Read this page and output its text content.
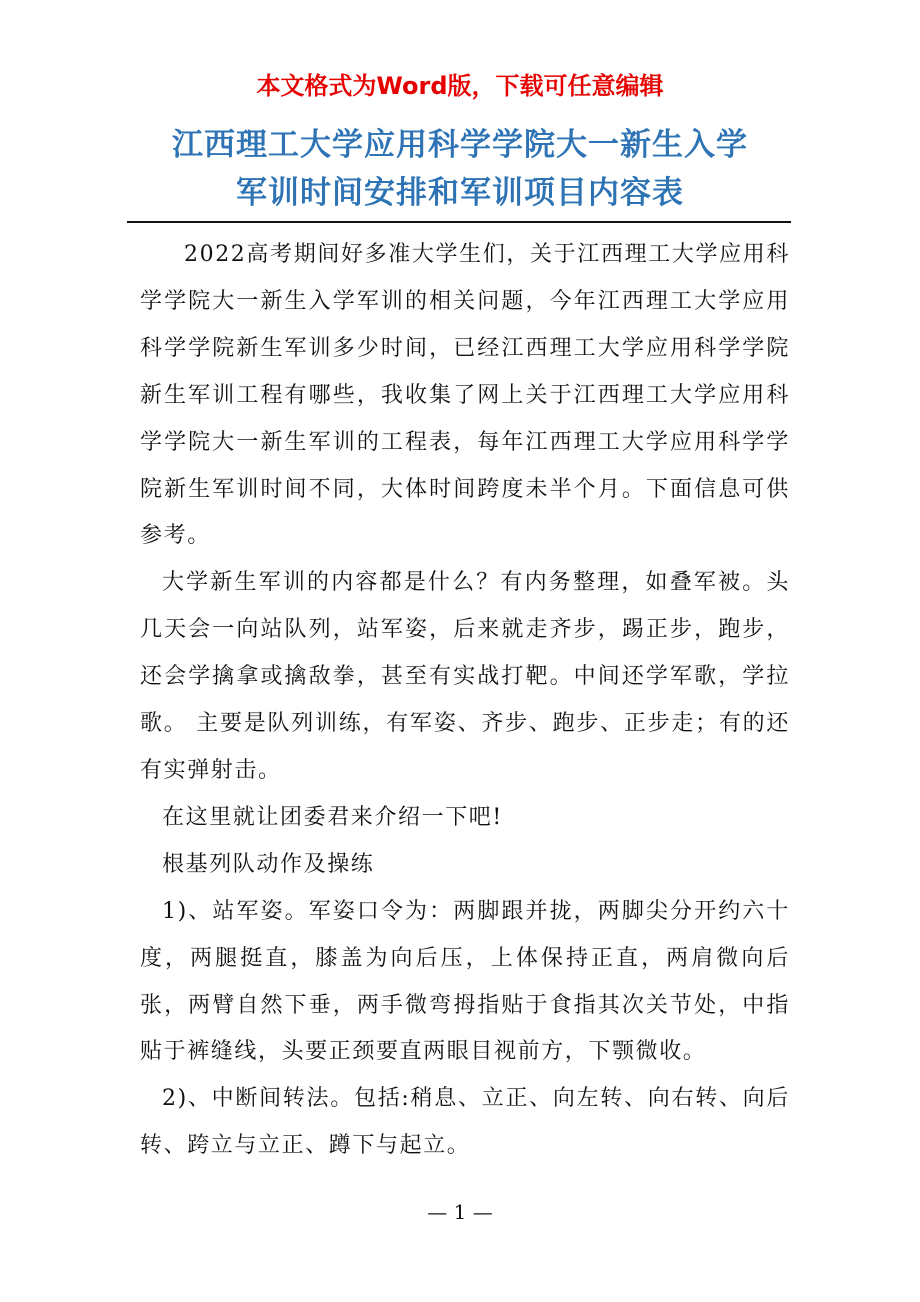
本文格式为Word版，下载可任意编辑
江西理工大学应用科学学院大一新生入学
军训时间安排和军训项目内容表

2022高考期间好多准大学生们，关于江西理工大学应用科学学院大一新生入学军训的相关问题，今年江西理工大学应用科学学院新生军训多少时间，已经江西理工大学应用科学学院新生军训工程有哪些，我收集了网上关于江西理工大学应用科学学院大一新生军训的工程表，每年江西理工大学应用科学学院新生军训时间不同，大体时间跨度未半个月。下面信息可供参考。

大学新生军训的内容都是什么？有内务整理，如叠军被。头几天会一向站队列，站军姿，后来就走齐步，踢正步，跑步，还会学擒拿或擒敌拳，甚至有实战打靶。中间还学军歌，学拉歌。 主要是队列训练，有军姿、齐步、跑步、正步走；有的还有实弹射击。

在这里就让团委君来介绍一下吧!

根基列队动作及操练

1)、站军姿。军姿口令为：两脚跟并拢，两脚尖分开约六十度，两腿挺直，膝盖为向后压，上体保持正直，两肩微向后张，两臂自然下垂，两手微弯拇指贴于食指其次关节处，中指贴于裤缝线，头要正颈要直两眼目视前方，下颚微收。

2)、中断间转法。包括:稍息、立正、向左转、向右转、向后转、跨立与立正、蹲下与起立。

— 1 —
